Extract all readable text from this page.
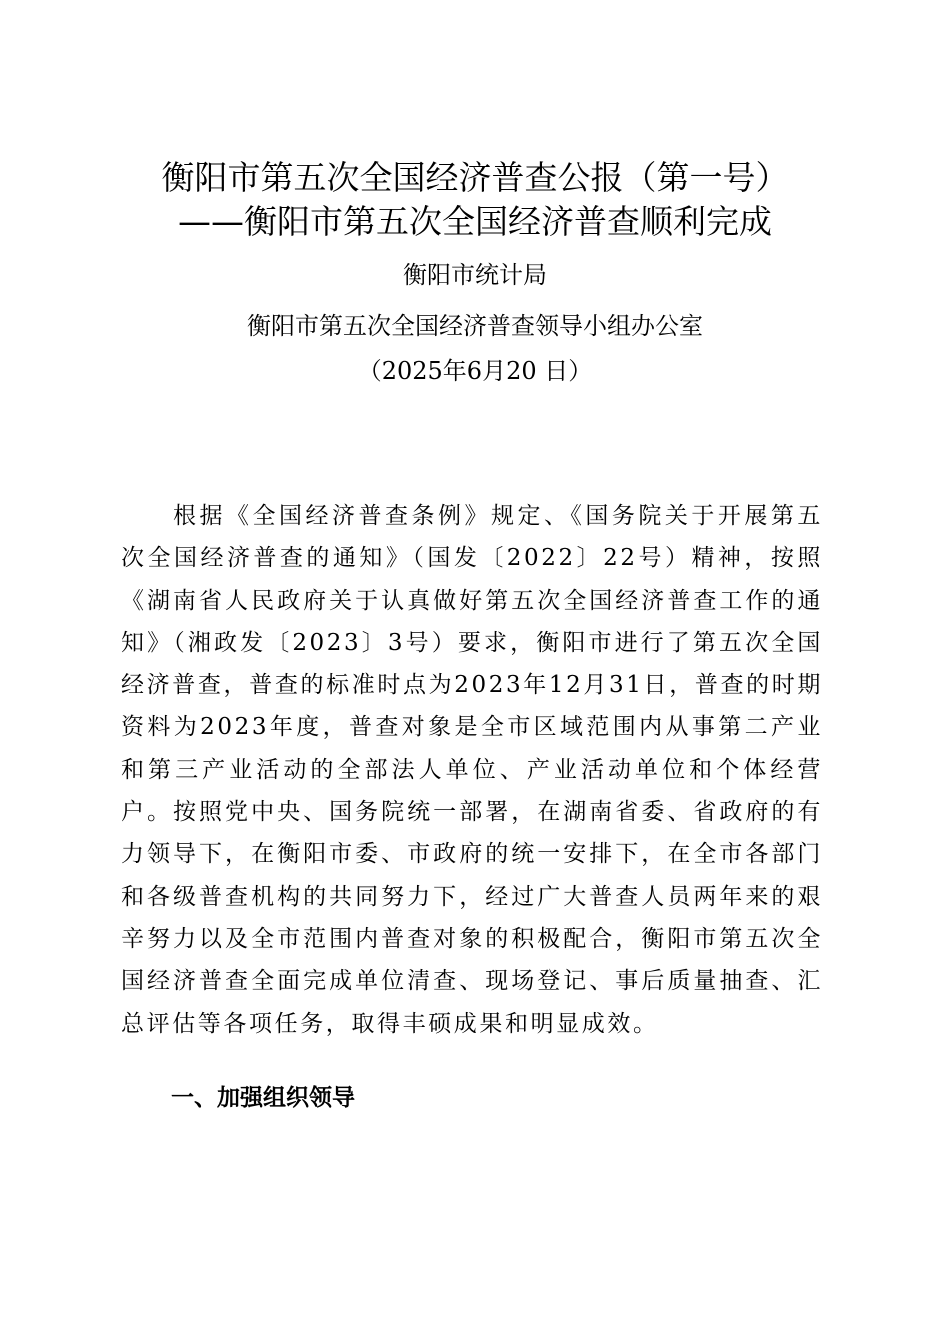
衡阳市第五次全国经济普查公报（第一号）
——衡阳市第五次全国经济普查顺利完成
衡阳市统计局
衡阳市第五次全国经济普查领导小组办公室
（2025年6月20 日）

根据《全国经济普查条例》规定、《国务院关于开展第五次全国经济普查的通知》（国发〔2022〕22号）精神，按照《湖南省人民政府关于认真做好第五次全国经济普查工作的通知》（湘政发〔2023〕3号）要求，衡阳市进行了第五次全国经济普查，普查的标准时点为2023年12月31日，普查的时期资料为2023年度，普查对象是全市区域范围内从事第二产业和第三产业活动的全部法人单位、产业活动单位和个体经营户。按照党中央、国务院统一部署，在湖南省委、省政府的有力领导下，在衡阳市委、市政府的统一安排下，在全市各部门和各级普查机构的共同努力下，经过广大普查人员两年来的艰辛努力以及全市范围内普查对象的积极配合，衡阳市第五次全国经济普查全面完成单位清查、现场登记、事后质量抽查、汇总评估等各项任务，取得丰硕成果和明显成效。

一、加强组织领导
